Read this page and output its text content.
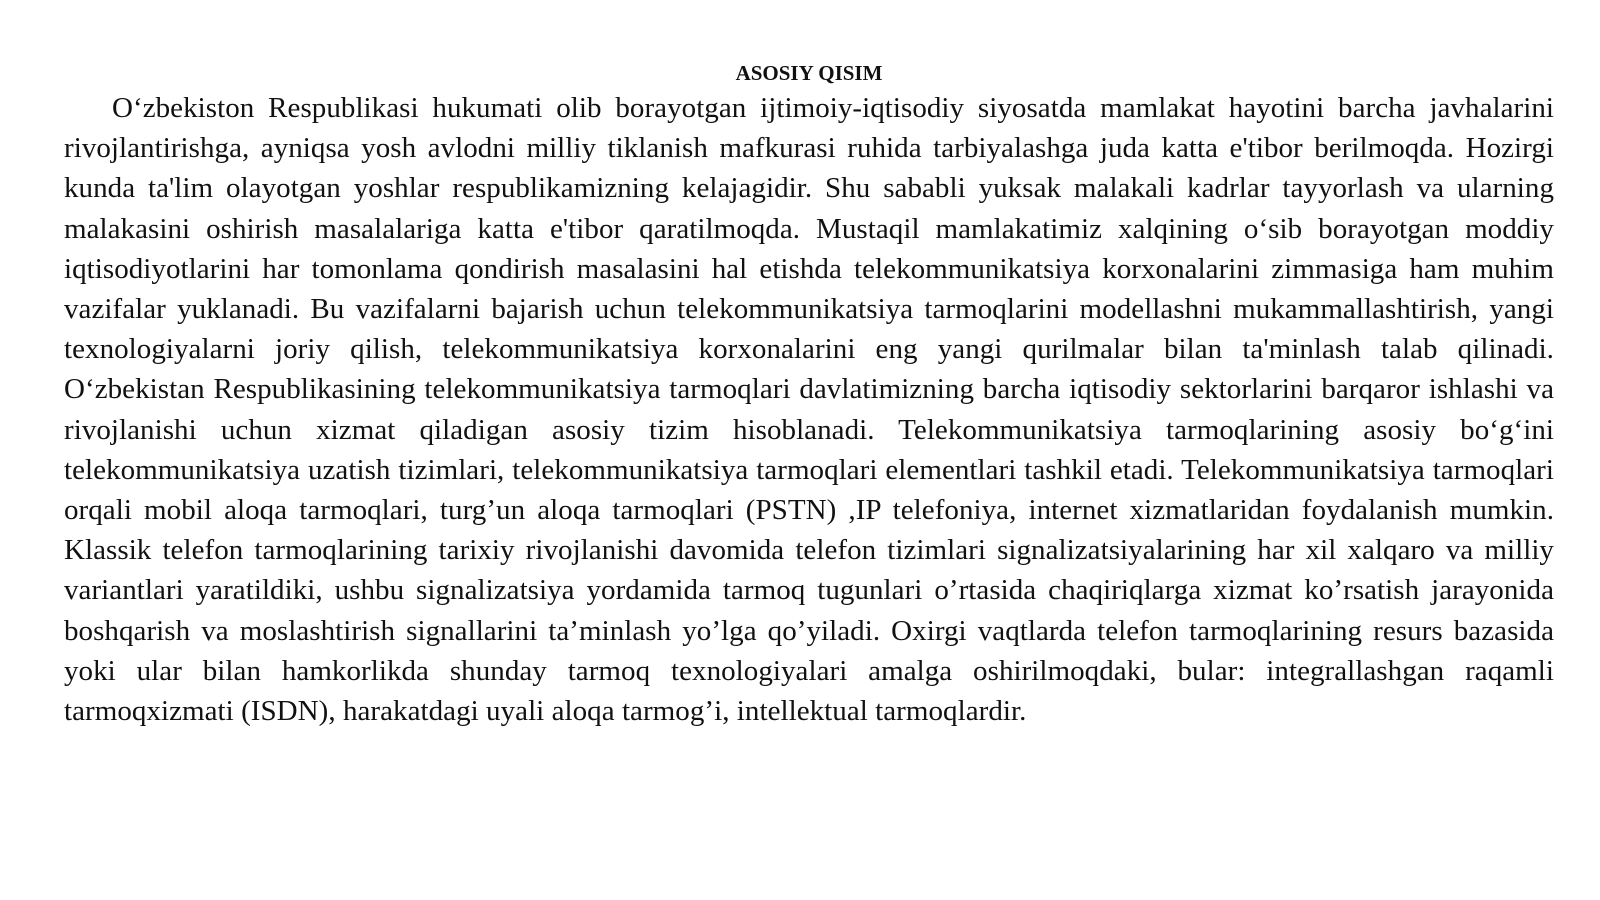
ASOSIY QISIM

O‘zbekiston Respublikasi hukumati olib borayotgan ijtimoiy-iqtisodiy siyosatda mamlakat hayotini barcha javhalarini rivojlantirishga, ayniqsa yosh avlodni milliy tiklanish mafkurasi ruhida tarbiyalashga juda katta e'tibor berilmoqda. Hozirgi kunda ta'lim olayotgan yoshlar respublikamizning kelajagidir. Shu sababli yuksak malakali kadrlar tayyorlash va ularning malakasini oshirish masalalariga katta e'tibor qaratilmoqda. Mustaqil mamlakatimiz xalqining o‘sib borayotgan moddiy iqtisodiyotlarini har tomonlama qondirish masalasini hal etishda telekommunikatsiya korxonalarini zimmasiga ham muhim vazifalar yuklanadi. Bu vazifalarni bajarish uchun telekommunikatsiya tarmoqlarini modellashni mukammallashtirish, yangi texnologiyalarni joriy qilish, telekommunikatsiya korxonalarini eng yangi qurilmalar bilan ta'minlash talab qilinadi. O‘zbekistan Respublikasining telekommunikatsiya tarmoqlari davlatimizning barcha iqtisodiy sektorlarini barqaror ishlashi va rivojlanishi uchun xizmat qiladigan asosiy tizim hisoblanadi. Telekommunikatsiya tarmoqlarining asosiy bo‘g‘ini telekommunikatsiya uzatish tizimlari, telekommunikatsiya tarmoqlari elementlari tashkil etadi. Telekommunikatsiya tarmoqlari orqali mobil aloqa tarmoqlari, turg’un aloqa tarmoqlari (PSTN) ,IP telefoniya, internet xizmatlaridan foydalanish mumkin. Klassik telefon tarmoqlarining tarixiy rivojlanishi davomida telefon tizimlari signalizatsiyalarining har xil xalqaro va milliy variantlari yaratildiki, ushbu signalizatsiya yordamida tarmoq tugunlari o’rtasida chaqiriqlarga xizmat ko’rsatish jarayonida boshqarish va moslashtirish signallarini ta’minlash yo’lga qo’yiladi. Oxirgi vaqtlarda telefon tarmoqlarining resurs bazasida yoki ular bilan hamkorlikda shunday tarmoq texnologiyalari amalga oshirilmoqdaki, bular: integrallashgan raqamli tarmoqxizmati (ISDN), harakatdagi uyali aloqa tarmog’i, intellektual tarmoqlardir.
